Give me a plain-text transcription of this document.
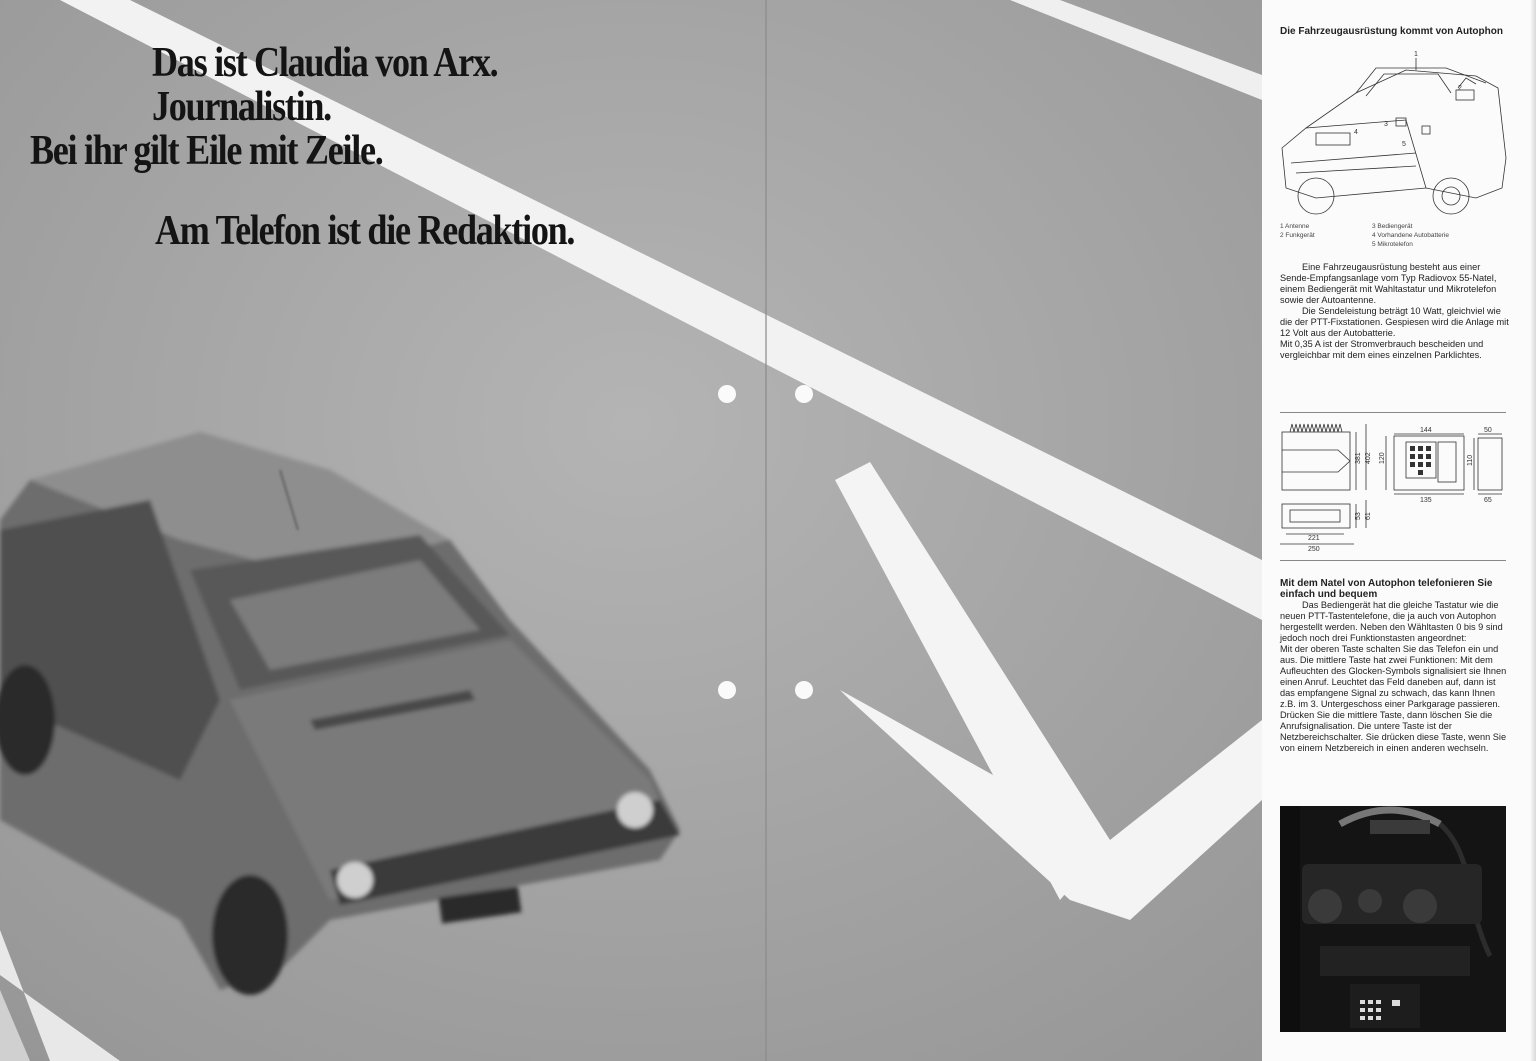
Das ist Claudia von Arx.
Journalistin.
Bei ihr gilt Eile mit Zeile.
Am Telefon ist die Redaktion.
Die Fahrzeugausrüstung kommt von Autophon
1
2
3
4
5
1 Antenne
2 Funkgerät
3 Bediengerät
4 Vorhandene Autobatterie
5 Mikrotelefon

Eine Fahrzeugausrüstung besteht aus einer Sende-Empfangsanlage vom Typ Radiovox 55-Natel, einem Bediengerät mit Wahltastatur und Mikrotelefon sowie der Autoantenne.

Die Sendeleistung beträgt 10 Watt, gleichviel wie die der PTT-Fixstationen. Gespiesen wird die Anlage mit 12 Volt aus der Autobatterie.

Mit 0,35 A ist der Stromverbrauch bescheiden und vergleichbar mit dem eines einzelnen Parklichtes.

381 402
144
120
135
50
110
65
53 61
221
250
Mit dem Natel von Autophon telefonieren Sie einfach und bequem

Das Bediengerät hat die gleiche Tastatur wie die neuen PTT-Tastentelefone, die ja auch von Autophon hergestellt werden. Neben den Wähltasten 0 bis 9 sind jedoch noch drei Funktionstasten angeordnet:

Mit der oberen Taste schalten Sie das Telefon ein und aus. Die mittlere Taste hat zwei Funktionen: Mit dem Aufleuchten des Glocken-Symbols signalisiert sie Ihnen einen Anruf. Leuchtet das Feld daneben auf, dann ist das empfangene Signal zu schwach, das kann Ihnen z.B. im 3. Untergeschoss einer Parkgarage passieren. Drücken Sie die mittlere Taste, dann löschen Sie die Anrufsignalisation. Die untere Taste ist der Netzbereichschalter. Sie drücken diese Taste, wenn Sie von einem Netzbereich in einen anderen wechseln.
